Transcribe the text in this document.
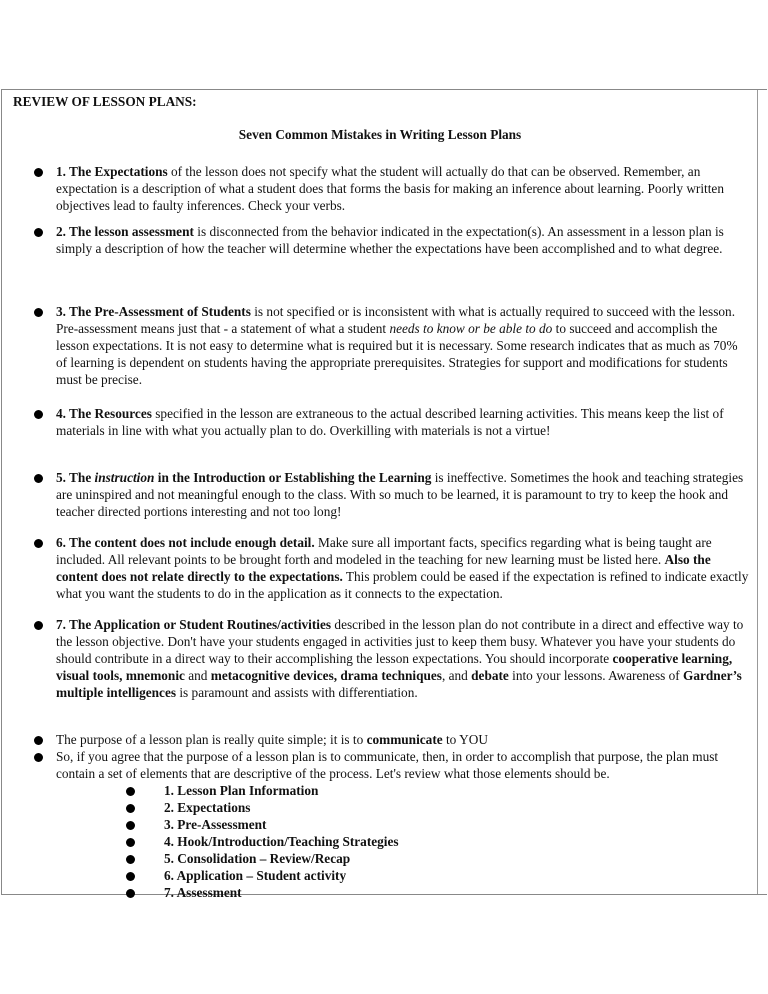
REVIEW OF LESSON PLANS:
Seven Common Mistakes in Writing Lesson Plans
1. The Expectations of the lesson does not specify what the student will actually do that can be observed. Remember, an expectation is a description of what a student does that forms the basis for making an inference about learning. Poorly written objectives lead to faulty inferences. Check your verbs.
2. The lesson assessment is disconnected from the behavior indicated in the expectation(s). An assessment in a lesson plan is simply a description of how the teacher will determine whether the expectations have been accomplished and to what degree.
3. The Pre-Assessment of Students is not specified or is inconsistent with what is actually required to succeed with the lesson. Pre-assessment means just that - a statement of what a student needs to know or be able to do to succeed and accomplish the lesson expectations. It is not easy to determine what is required but it is necessary. Some research indicates that as much as 70% of learning is dependent on students having the appropriate prerequisites. Strategies for support and modifications for students must be precise.
4. The Resources specified in the lesson are extraneous to the actual described learning activities. This means keep the list of materials in line with what you actually plan to do. Overkilling with materials is not a virtue!
5. The instruction in the Introduction or Establishing the Learning is ineffective. Sometimes the hook and teaching strategies are uninspired and not meaningful enough to the class. With so much to be learned, it is paramount to try to keep the hook and teacher directed portions interesting and not too long!
6. The content does not include enough detail. Make sure all important facts, specifics regarding what is being taught are included. All relevant points to be brought forth and modeled in the teaching for new learning must be listed here. Also the content does not relate directly to the expectations. This problem could be eased if the expectation is refined to indicate exactly what you want the students to do in the application as it connects to the expectation.
7. The Application or Student Routines/activities described in the lesson plan do not contribute in a direct and effective way to the lesson objective. Don't have your students engaged in activities just to keep them busy. Whatever you have your students do should contribute in a direct way to their accomplishing the lesson expectations. You should incorporate cooperative learning, visual tools, mnemonic and metacognitive devices, drama techniques, and debate into your lessons. Awareness of Gardner’s multiple intelligences is paramount and assists with differentiation.
The purpose of a lesson plan is really quite simple; it is to communicate to YOU
So, if you agree that the purpose of a lesson plan is to communicate, then, in order to accomplish that purpose, the plan must contain a set of elements that are descriptive of the process. Let's review what those elements should be.
1. Lesson Plan Information
2. Expectations
3. Pre-Assessment
4. Hook/Introduction/Teaching Strategies
5. Consolidation – Review/Recap
6. Application – Student activity
7. Assessment
